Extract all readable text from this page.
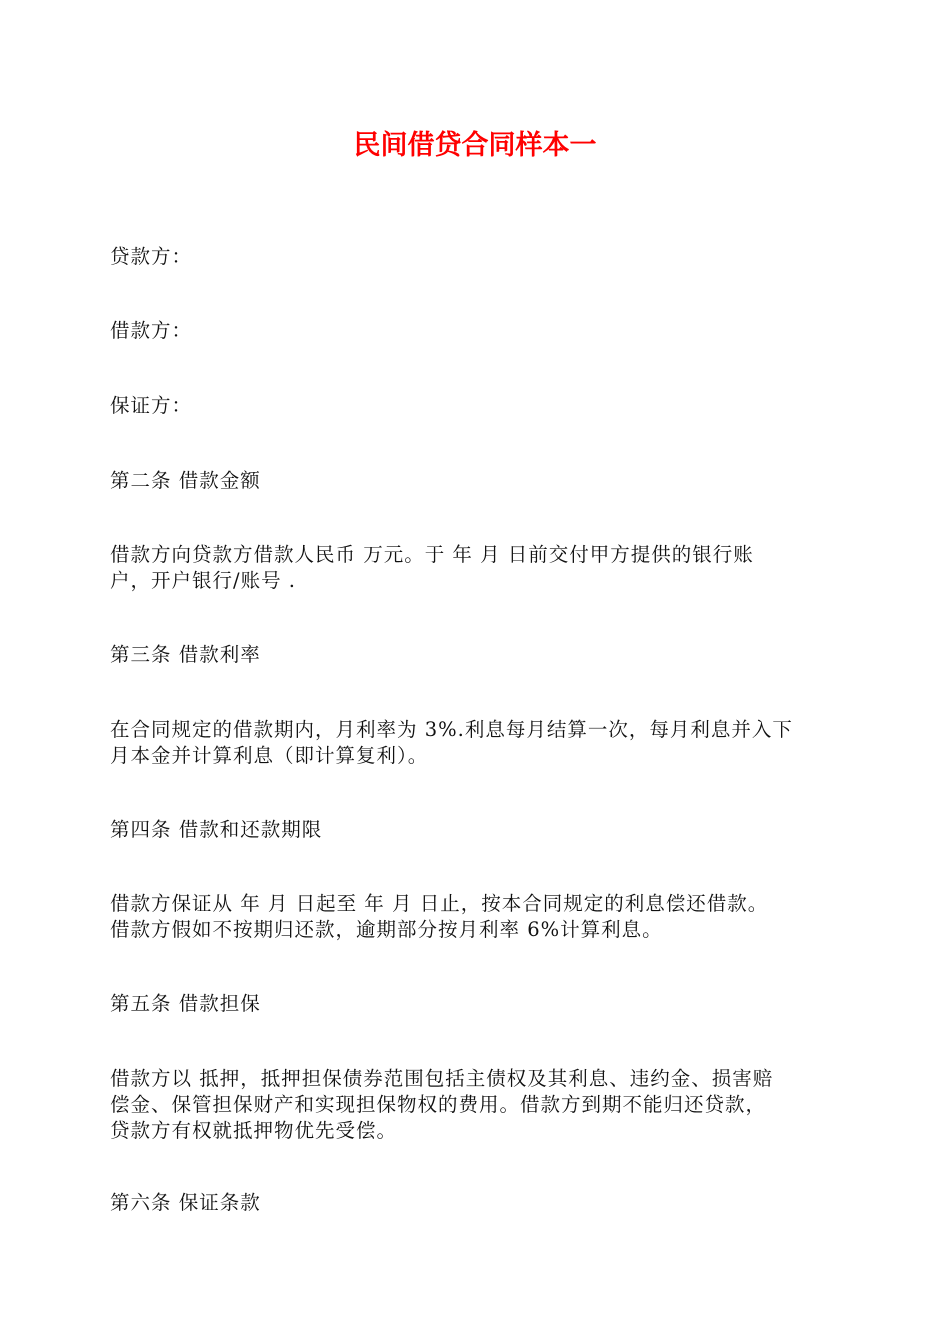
民间借贷合同样本一

贷款方：

借款方：

保证方：

第二条 借款金额

借款方向贷款方借款人民币 万元。于 年 月 日前交付甲方提供的银行账
户，开户银行/账号 .

第三条 借款利率

在合同规定的借款期内，月利率为 3%.利息每月结算一次，每月利息并入下
月本金并计算利息（即计算复利）。

第四条 借款和还款期限

借款方保证从 年 月 日起至 年 月 日止，按本合同规定的利息偿还借款。
借款方假如不按期归还款，逾期部分按月利率 6%计算利息。

第五条 借款担保

借款方以 抵押，抵押担保债券范围包括主债权及其利息、违约金、损害赔
偿金、保管担保财产和实现担保物权的费用。借款方到期不能归还贷款，
贷款方有权就抵押物优先受偿。

第六条 保证条款
